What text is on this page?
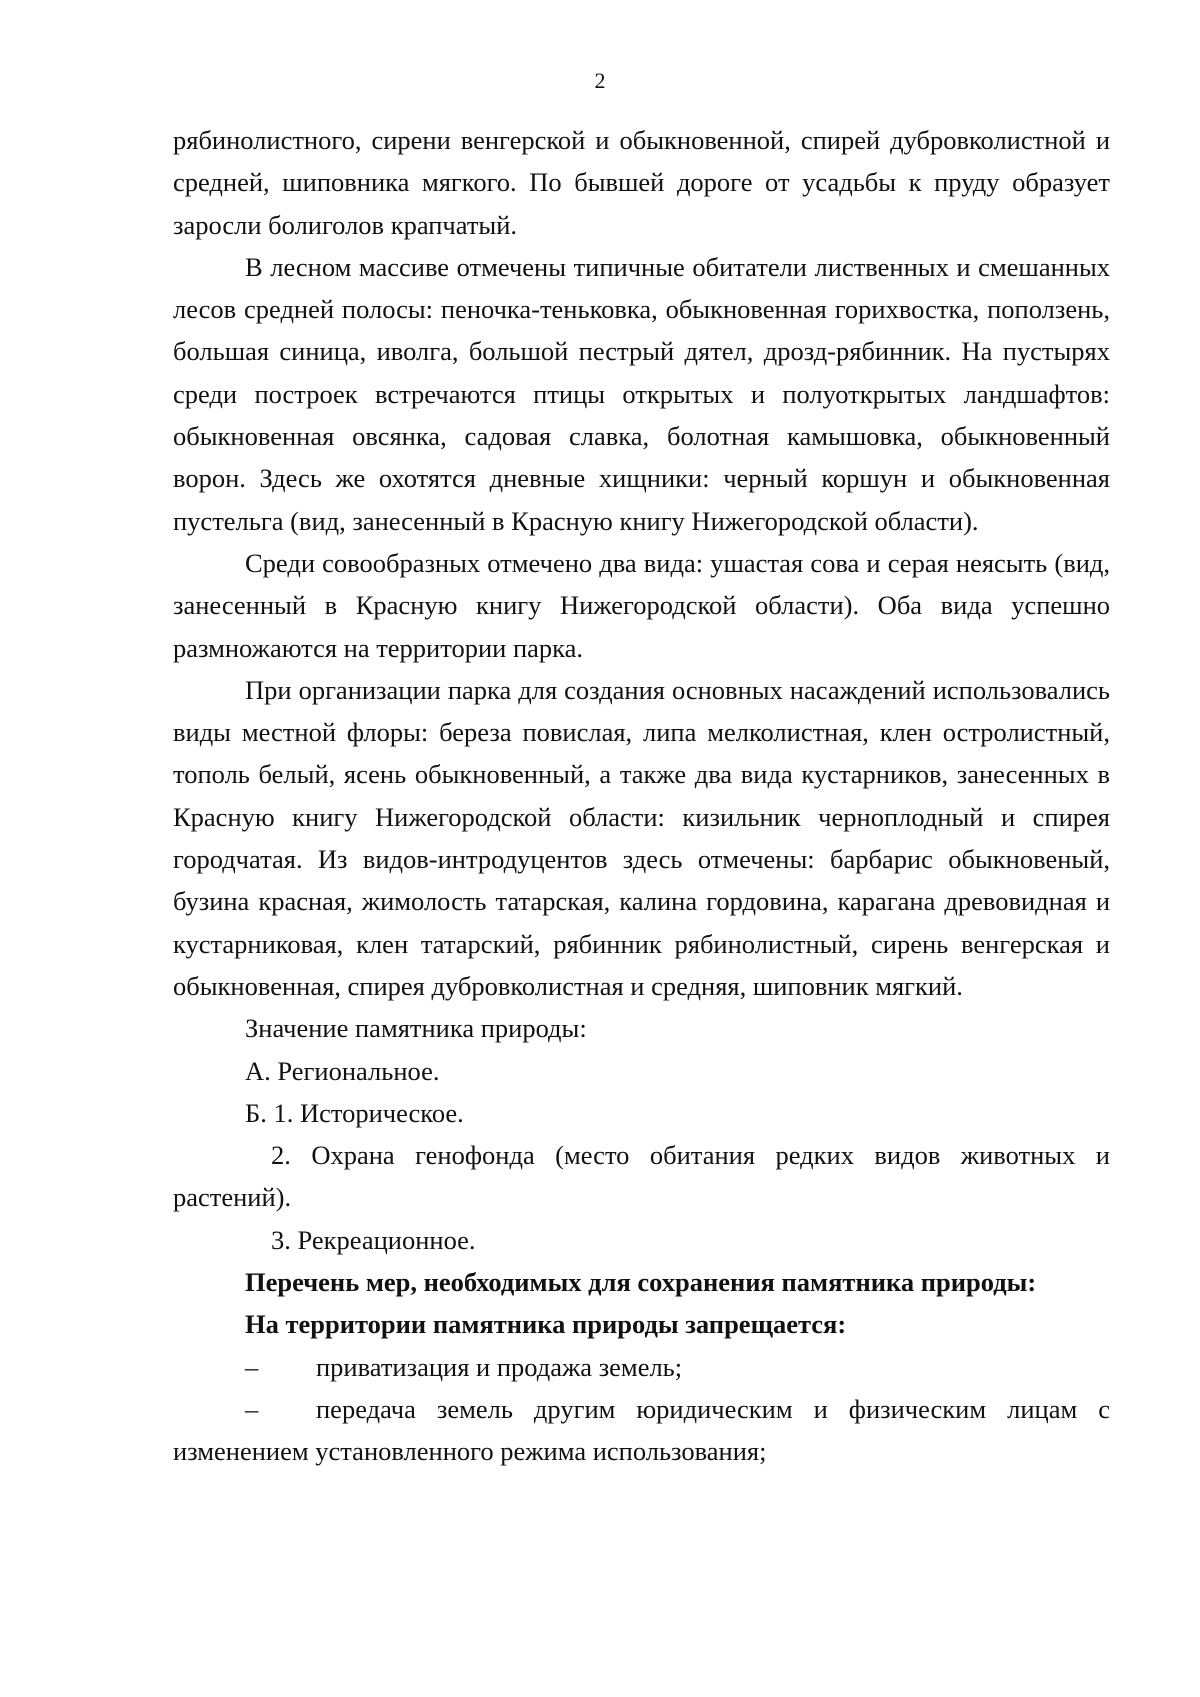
2

рябинолистного, сирени венгерской и обыкновенной, спирей дубровколистной и средней, шиповника мягкого. По бывшей дороге от усадьбы к пруду образует заросли болиголов крапчатый.

В лесном массиве отмечены типичные обитатели лиственных и смешанных лесов средней полосы: пеночка-теньковка, обыкновенная горихвостка, поползень, большая синица, иволга, большой пестрый дятел, дрозд-рябинник. На пустырях среди построек встречаются птицы открытых и полуоткрытых ландшафтов: обыкновенная овсянка, садовая славка, болотная камышовка, обыкновенный ворон. Здесь же охотятся дневные хищники: черный коршун и обыкновенная пустельга (вид, занесенный в Красную книгу Нижегородской области).

Среди совообразных отмечено два вида: ушастая сова и серая неясыть (вид, занесенный в Красную книгу Нижегородской области). Оба вида успешно размножаются на территории парка.

При организации парка для создания основных насаждений использовались виды местной флоры: береза повислая, липа мелколистная, клен остролистный, тополь белый, ясень обыкновенный, а также два вида кустарников, занесенных в Красную книгу Нижегородской области: кизильник черноплодный и спирея городчатая. Из видов-интродуцентов здесь отмечены: барбарис обыкновеный, бузина красная, жимолость татарская, калина гордовина, карагана древовидная и кустарниковая, клен татарский, рябинник рябинолистный, сирень венгерская и обыкновенная, спирея дубровколистная и средняя, шиповник мягкий.

Значение памятника природы:

А. Региональное.

Б. 1. Историческое.

2. Охрана генофонда (место обитания редких видов животных и растений).

3. Рекреационное.

Перечень мер, необходимых для сохранения памятника природы:

На территории памятника природы запрещается:

– приватизация и продажа земель;

– передача земель другим юридическим и физическим лицам с изменением установленного режима использования;
